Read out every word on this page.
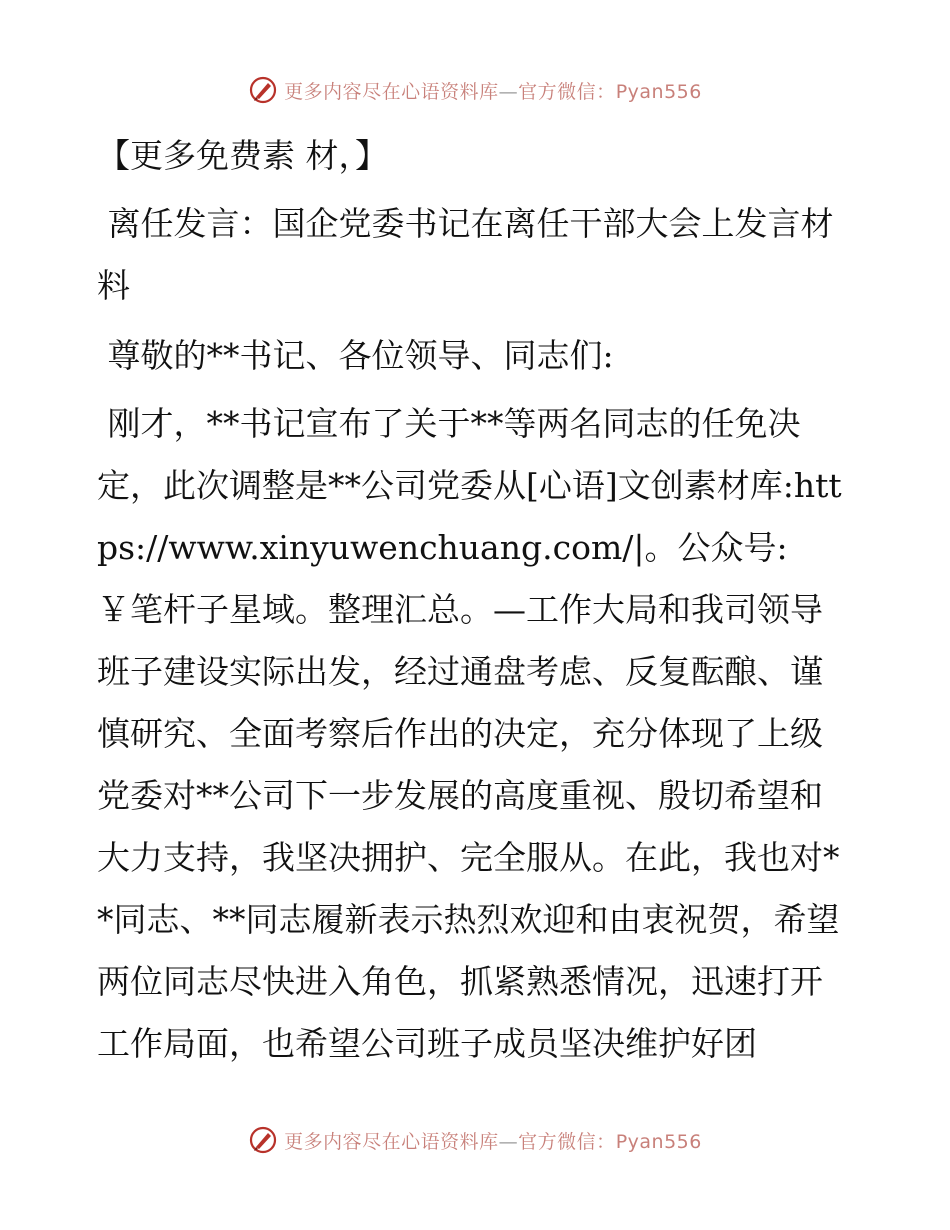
更多内容尽在心语资料库—官方微信：Pyan556

【更多免费素 材，】

离任发言：国企党委书记在离任干部大会上发言材料

尊敬的**书记、各位领导、同志们:

刚才，**书记宣布了关于**等两名同志的任免决定，此次调整是**公司党委从[心语]文创素材库:https://www.xinyuwenchuang.com/|。公众号:￥笔杆子星域。整理汇总。—工作大局和我司领导班子建设实际出发，经过通盘考虑、反复酝酿、谨慎研究、全面考察后作出的决定，充分体现了上级党委对**公司下一步发展的高度重视、殷切希望和大力支持，我坚决拥护、完全服从。在此，我也对**同志、**同志履新表示热烈欢迎和由衷祝贺，希望两位同志尽快进入角色，抓紧熟悉情况，迅速打开工作局面，也希望公司班子成员坚决维护好团

更多内容尽在心语资料库—官方微信：Pyan556
